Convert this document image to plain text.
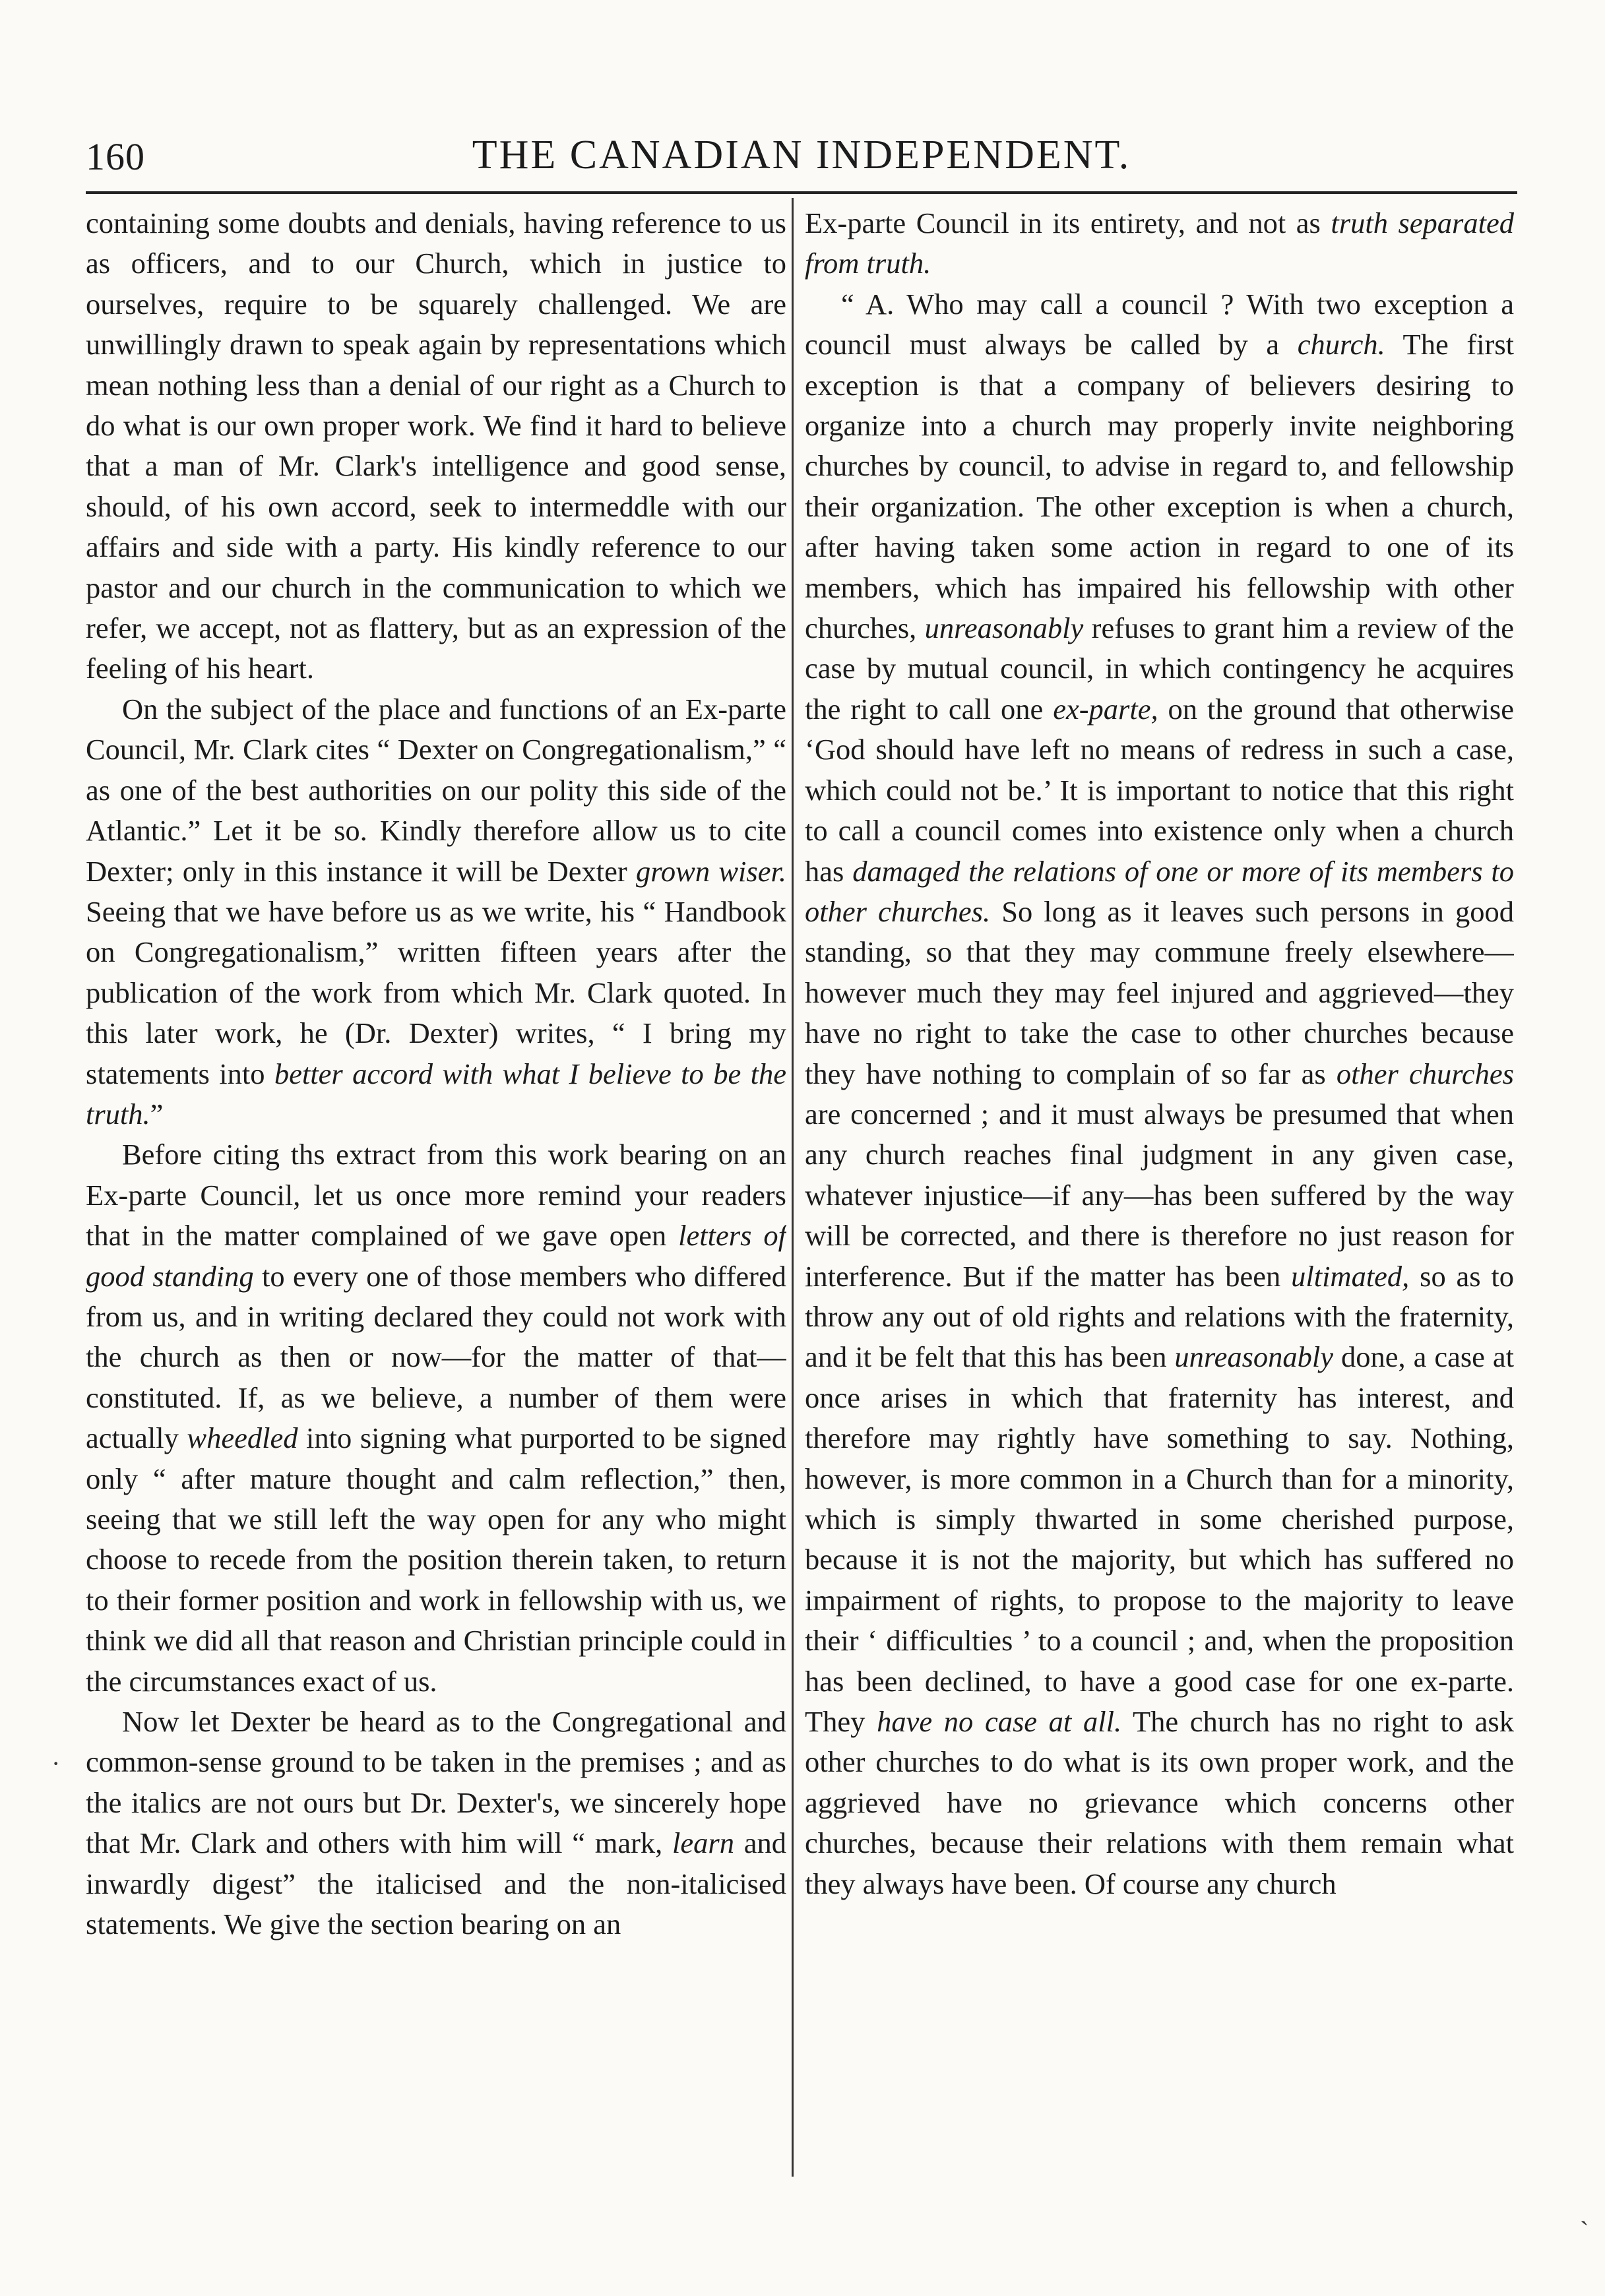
160	THE CANADIAN INDEPENDENT.

containing some doubts and denials, having reference to us as officers, and to our Church, which in justice to ourselves, require to be squarely challenged. We are unwillingly drawn to speak again by representations which mean nothing less than a denial of our right as a Church to do what is our own proper work. We find it hard to believe that a man of Mr. Clark's intelligence and good sense, should, of his own accord, seek to intermeddle with our affairs and side with a party. His kindly reference to our pastor and our church in the communication to which we refer, we accept, not as flattery, but as an expression of the feeling of his heart.

On the subject of the place and functions of an Ex-parte Council, Mr. Clark cites “ Dexter on Congregationalism,” “ as one of the best authorities on our polity this side of the Atlantic.” Let it be so. Kindly therefore allow us to cite Dexter; only in this instance it will be Dexter grown wiser. Seeing that we have before us as we write, his “ Handbook on Congregationalism,” written fifteen years after the publication of the work from which Mr. Clark quoted. In this later work, he (Dr. Dexter) writes, “ I bring my statements into better accord with what I believe to be the truth.”

Before citing ths extract from this work bearing on an Ex-parte Council, let us once more remind your readers that in the matter complained of we gave open letters of good standing to every one of those members who differed from us, and in writing declared they could not work with the church as then or now—for the matter of that—constituted. If, as we believe, a number of them were actually wheedled into signing what purported to be signed only “ after mature thought and calm reflection,” then, seeing that we still left the way open for any who might choose to recede from the position therein taken, to return to their former position and work in fellowship with us, we think we did all that reason and Christian principle could in the circumstances exact of us.

Now let Dexter be heard as to the Congregational and common-sense ground to be taken in the premises ; and as the italics are not ours but Dr. Dexter's, we sincerely hope that Mr. Clark and others with him will “ mark, learn and inwardly digest” the italicised and the non-italicised statements. We give the section bearing on an

Ex-parte Council in its entirety, and not as truth separated from truth.

“ A. Who may call a council ? With two exception a council must always be called by a church. The first exception is that a company of believers desiring to organize into a church may properly invite neighboring churches by council, to advise in regard to, and fellowship their organization. The other exception is when a church, after having taken some action in regard to one of its members, which has impaired his fellowship with other churches, unreasonably refuses to grant him a review of the case by mutual council, in which contingency he acquires the right to call one ex-parte, on the ground that otherwise ‘God should have left no means of redress in such a case, which could not be.’ It is important to notice that this right to call a council comes into existence only when a church has damaged the relations of one or more of its members to other churches. So long as it leaves such persons in good standing, so that they may commune freely elsewhere—however much they may feel injured and aggrieved—they have no right to take the case to other churches because they have nothing to complain of so far as other churches are concerned ; and it must always be presumed that when any church reaches final judgment in any given case, whatever injustice—if any—has been suffered by the way will be corrected, and there is therefore no just reason for interference. But if the matter has been ultimated, so as to throw any out of old rights and relations with the fraternity, and it be felt that this has been unreasonably done, a case at once arises in which that fraternity has interest, and therefore may rightly have something to say. Nothing, however, is more common in a Church than for a minority, which is simply thwarted in some cherished purpose, because it is not the majority, but which has suffered no impairment of rights, to propose to the majority to leave their ‘ difficulties ’ to a council ; and, when the proposition has been declined, to have a good case for one ex-parte. They have no case at all. The church has no right to ask other churches to do what is its own proper work, and the aggrieved have no grievance which concerns other churches, because their relations with them remain what they always have been. Of course any church

·
ˏ
